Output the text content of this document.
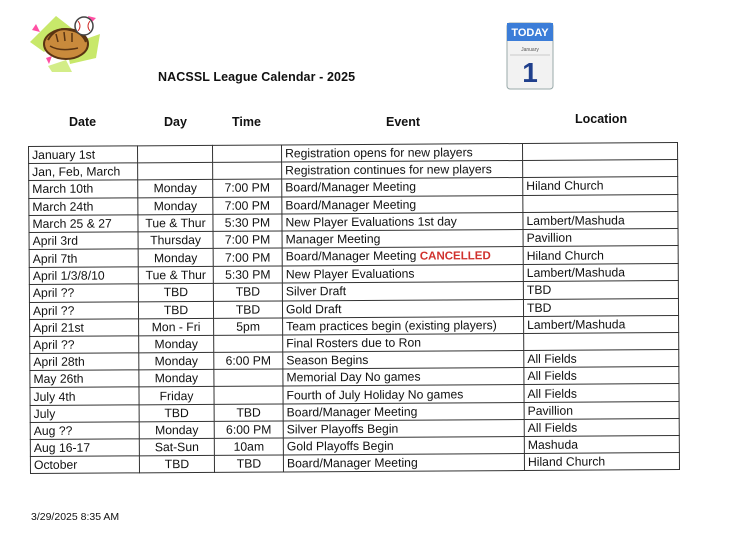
TODAY
January
1
NACSSL League Calendar - 2025
Date	Day	Time	Event	Location
January 1st			Registration opens for new players	
Jan, Feb, March			Registration continues for new players	
March 10th	Monday	7:00 PM	Board/Manager Meeting	Hiland Church
March 24th	Monday	7:00 PM	Board/Manager Meeting	
March 25 & 27	Tue & Thur	5:30 PM	New Player Evaluations 1st day	Lambert/Mashuda
April 3rd	Thursday	7:00 PM	Manager Meeting	Pavillion
April 7th	Monday	7:00 PM	Board/Manager Meeting CANCELLED	Hiland Church
April 1/3/8/10	Tue & Thur	5:30 PM	New Player Evaluations	Lambert/Mashuda
April ??	TBD	TBD	Silver Draft	TBD
April ??	TBD	TBD	Gold Draft	TBD
April 21st	Mon - Fri	5pm	Team practices begin (existing players)	Lambert/Mashuda
April ??	Monday		Final Rosters due to Ron	
April 28th	Monday	6:00 PM	Season Begins	All Fields
May 26th	Monday		Memorial Day No games	All Fields
July 4th	Friday		Fourth of July Holiday No games	All Fields
July	TBD	TBD	Board/Manager Meeting	Pavillion
Aug ??	Monday	6:00 PM	Silver Playoffs Begin	All Fields
Aug 16-17	Sat-Sun	10am	Gold Playoffs Begin	Mashuda
October	TBD	TBD	Board/Manager Meeting	Hiland Church
3/29/2025 8:35 AM
